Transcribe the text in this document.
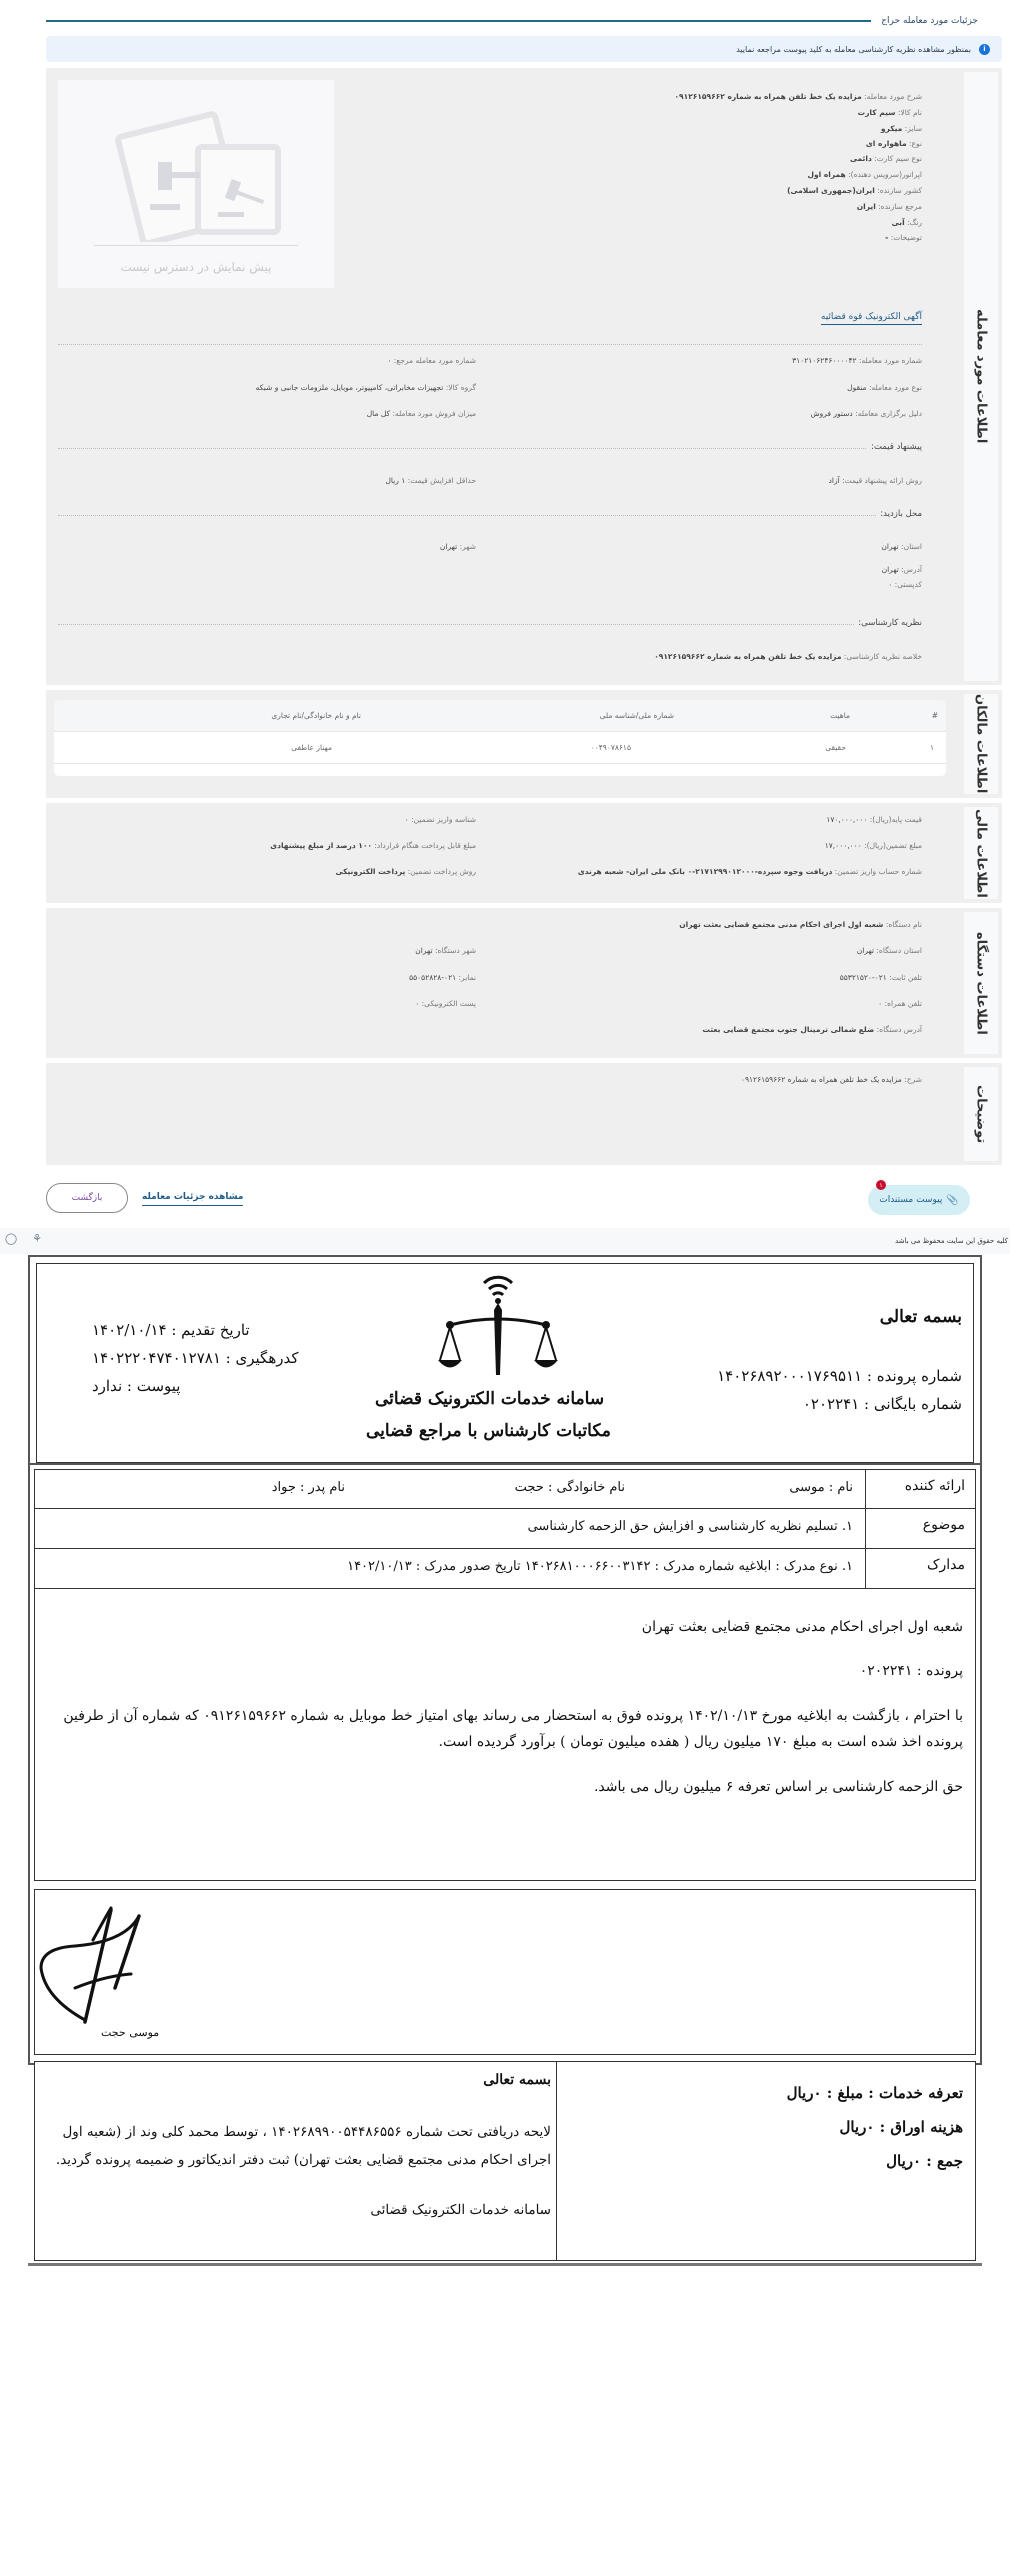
جزئیات مورد معامله حراج
i
بمنظور مشاهده نظریه کارشناسی معامله به کلید پیوست مراجعه نمایید
اطلاعات مورد معامله
پیش نمایش در دسترس نیست
شرح مورد معامله: مزایده یک خط تلفن همراه به شماره ۰۹۱۲۶۱۵۹۶۶۲
نام کالا: سیم کارت
سایز: میکرو
نوع: ماهواره ای
نوع سیم کارت: دائمی
اپراتور(سرویس دهنده): همراه اول
کشور سازنده: ایران(جمهوری اسلامی)
مرجع سازنده: ایران
رنگ: آبی
توضیحات: -
آگهی الکترونیک قوه قضائیه
شماره مورد معامله: ۳۱۰۲۱۰۶۲۴۶۰۰۰۰۴۲
شماره مورد معامله مرجع: ۰
نوع مورد معامله: منقول
گروه کالا: تجهیزات مخابراتی، کامپیوتر، موبایل، ملزومات جانبی و شبکه
دلیل برگزاری معامله: دستور فروش
میزان فروش مورد معامله: کل مال
پیشنهاد قیمت:
روش ارائه پیشنهاد قیمت: آزاد
حداقل افزایش قیمت: ۱ ریال
محل بازدید:
استان: تهران
شهر: تهران
آدرس: تهران
کدپستی: ۰
نظریه کارشناسی:
خلاصه نظریه کارشناسی: مزایده یک خط تلفن همراه به شماره ۰۹۱۲۶۱۵۹۶۶۲
اطلاعات مالکان
#
ماهیت
شماره ملی/شناسه ملی
نام و نام خانوادگی/نام تجاری
۱
حقیقی
۰۰۴۹۰۷۸۶۱۵
مهناز عاطفی
اطلاعات مالی
قیمت پایه(ریال): ۱۷۰,۰۰۰,۰۰۰
شناسه واریز تضمین: ۰
مبلغ تضمین(ریال): ۱۷,۰۰۰,۰۰۰
مبلغ قابل پرداخت هنگام قرارداد: ۱۰۰ درصد از مبلغ پیشنهادی
شماره حساب واریز تضمین: دریافت وجوه سپرده-۲۱۷۱۲۹۹۰۱۲۰۰۰-۰ بانک ملی ایران- شعبه هرندی
روش پرداخت تضمین: پرداخت الکترونیکی
اطلاعات دستگاه
نام دستگاه: شعبه اول اجرای احکام مدنی مجتمع قضایی بعثت تهران
استان دستگاه: تهران
شهر دستگاه: تهران
تلفن ثابت: ۰۲۱-۵۵۳۲۱۵۲۰
نمابر: ۰۲۱-۵۵۰۵۲۸۲۸
تلفن همراه: ۰
پست الکترونیکی: ۰
آدرس دستگاه: ضلع شمالی ترمینال جنوب مجتمع قضایی بعثت
توضیحات
شرح: مزایده یک خط تلفن همراه به شماره ۰۹۱۲۶۱۵۹۶۶۲
۱
📎
پیوست مستندات
مشاهده جزئیات معامله
بازگشت
کلیه حقوق این سایت محفوظ می باشد
◯	⚘
بسمه تعالی
شماره پرونده : ۱۴۰۲۶۸۹۲۰۰۰۱۷۶۹۵۱۱
شماره بایگانی : ۰۲۰۲۲۴۱
سامانه خدمات الکترونیک قضائی
مکاتبات کارشناس با مراجع قضایی
تاریخ تقدیم : ۱۴۰۲/۱۰/۱۴
کدرهگیری : ۱۴۰۲۲۲۰۴۷۴۰۱۲۷۸۱
پیوست : ندارد
ارائه کننده
نام : موسی
نام خانوادگی : حجت
نام پدر : جواد
موضوع
۱. تسلیم نظریه کارشناسی و افزایش حق الزحمه کارشناسی
مدارک
۱. نوع مدرک : ابلاغیه شماره مدرک : ۱۴۰۲۶۸۱۰۰۰۶۶۰۰۳۱۴۲ تاریخ صدور مدرک : ۱۴۰۲/۱۰/۱۳
شعبه اول اجرای احکام مدنی مجتمع قضایی بعثت تهران
پرونده : ۰۲۰۲۲۴۱
با احترام ، بازگشت به ابلاغیه مورخ ۱۴۰۲/۱۰/۱۳ پرونده فوق به استحضار می رساند بهای امتیاز خط موبایل به شماره ۰۹۱۲۶۱۵۹۶۶۲ که شماره آن از طرفین پرونده اخذ شده است به مبلغ ۱۷۰ میلیون ریال ( هفده میلیون تومان ) برآورد گردیده است.
حق الزحمه کارشناسی بر اساس تعرفه ۶ میلیون ریال می باشد.
موسی حجت
تعرفه خدمات : مبلغ : ۰ریال
هزینه اوراق : ۰ریال
جمع : ۰ریال
بسمه تعالی
لایحه دریافتی تحت شماره ۱۴۰۲۶۸۹۹۰۰۵۴۴۸۶۵۵۶ ، توسط محمد کلی وند از (شعبه اول اجرای احکام مدنی مجتمع قضایی بعثت تهران) ثبت دفتر اندیکاتور و ضمیمه پرونده گردید.
سامانه خدمات الکترونیک قضائی
